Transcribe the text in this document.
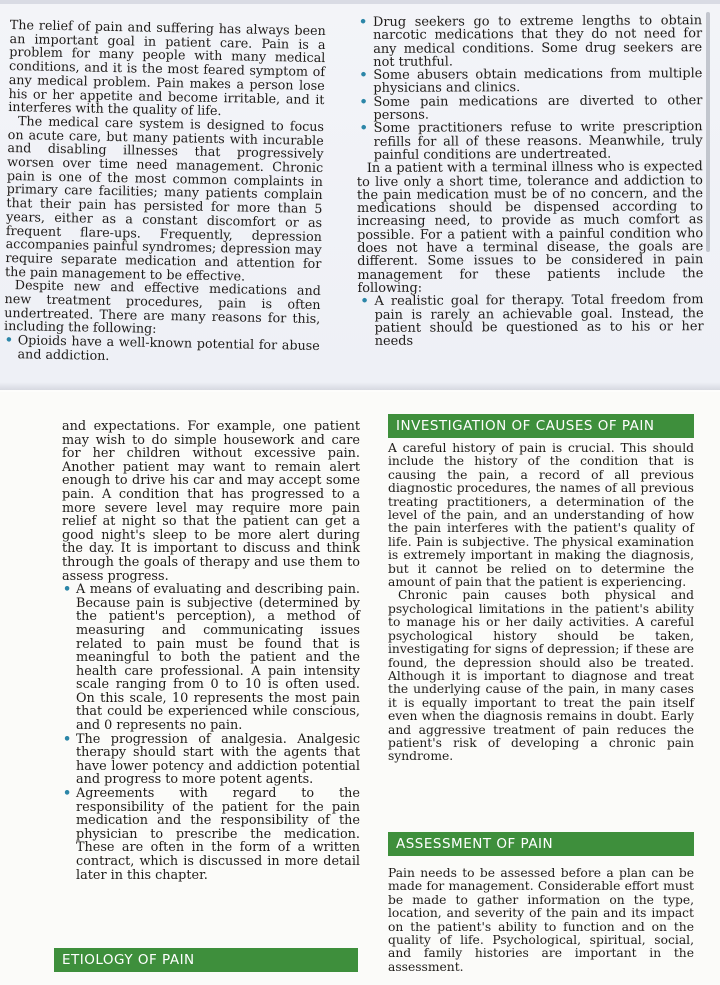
The relief of pain and suffering has always been an important goal in patient care. Pain is a problem for many people with many medical conditions, and it is the most feared symptom of any medical problem. Pain makes a person lose his or her appetite and become irritable, and it interferes with the quality of life.

The medical care system is designed to focus on acute care, but many patients with incurable and disabling illnesses that progressively worsen over time need management. Chronic pain is one of the most common complaints in primary care facilities; many patients complain that their pain has persisted for more than 5 years, either as a constant discomfort or as frequent flare-ups. Frequently, depression accompanies painful syndromes; depression may require separate medication and attention for the pain management to be effective.

Despite new and effective medications and new treatment procedures, pain is often undertreated. There are many reasons for this, including the following:

• Opioids have a well-known potential for abuse and addiction.
• Drug seekers go to extreme lengths to obtain narcotic medications that they do not need for any medical conditions. Some drug seekers are not truthful.
• Some abusers obtain medications from multiple physicians and clinics.
• Some pain medications are diverted to other persons.
• Some practitioners refuse to write prescription refills for all of these reasons. Meanwhile, truly painful conditions are undertreated.

In a patient with a terminal illness who is expected to live only a short time, tolerance and addiction to the pain medication must be of no concern, and the medications should be dispensed according to increasing need, to provide as much comfort as possible. For a patient with a painful condition who does not have a terminal disease, the goals are different. Some issues to be considered in pain management for these patients include the following:

• A realistic goal for therapy. Total freedom from pain is rarely an achievable goal. Instead, the patient should be questioned as to his or her needs

and expectations. For example, one patient may wish to do simple housework and care for her children without excessive pain. Another patient may want to remain alert enough to drive his car and may accept some pain. A condition that has progressed to a more severe level may require more pain relief at night so that the patient can get a good night's sleep to be more alert during the day. It is important to discuss and think through the goals of therapy and use them to assess progress.

• A means of evaluating and describing pain. Because pain is subjective (determined by the patient's perception), a method of measuring and communicating issues related to pain must be found that is meaningful to both the patient and the health care professional. A pain intensity scale ranging from 0 to 10 is often used. On this scale, 10 represents the most pain that could be experienced while conscious, and 0 represents no pain.
• The progression of analgesia. Analgesic therapy should start with the agents that have lower potency and addiction potential and progress to more potent agents.
• Agreements with regard to the responsibility of the patient for the pain medication and the responsibility of the physician to prescribe the medication. These are often in the form of a written contract, which is discussed in more detail later in this chapter.
ETIOLOGY OF PAIN
INVESTIGATION OF CAUSES OF PAIN

A careful history of pain is crucial. This should include the history of the condition that is causing the pain, a record of all previous diagnostic procedures, the names of all previous treating practitioners, a determination of the level of the pain, and an understanding of how the pain interferes with the patient's quality of life. Pain is subjective. The physical examination is extremely important in making the diagnosis, but it cannot be relied on to determine the amount of pain that the patient is experiencing.

Chronic pain causes both physical and psychological limitations in the patient's ability to manage his or her daily activities. A careful psychological history should be taken, investigating for signs of depression; if these are found, the depression should also be treated. Although it is important to diagnose and treat the underlying cause of the pain, in many cases it is equally important to treat the pain itself even when the diagnosis remains in doubt. Early and aggressive treatment of pain reduces the patient's risk of developing a chronic pain syndrome.

ASSESSMENT OF PAIN

Pain needs to be assessed before a plan can be made for management. Considerable effort must be made to gather information on the type, location, and severity of the pain and its impact on the patient's ability to function and on the quality of life. Psychological, spiritual, social, and family histories are important in the assessment.
